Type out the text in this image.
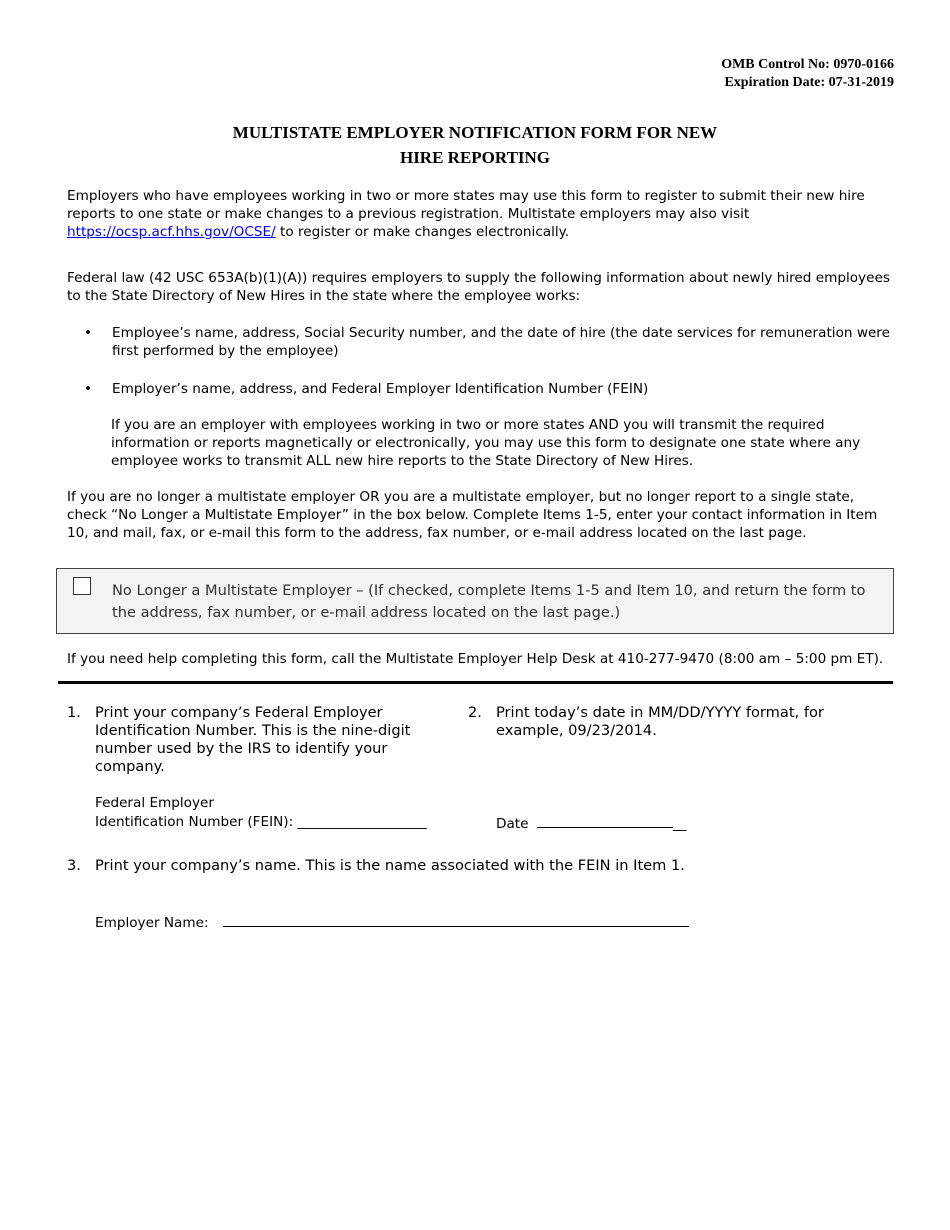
OMB Control No: 0970-0166
Expiration Date: 07-31-2019
MULTISTATE EMPLOYER NOTIFICATION FORM FOR NEW
HIRE REPORTING
Employers who have employees working in two or more states may use this form to register to submit their new hire reports to one state or make changes to a previous registration. Multistate employers may also visit https://ocsp.acf.hhs.gov/OCSE/ to register or make changes electronically.
Federal law (42 USC 653A(b)(1)(A)) requires employers to supply the following information about newly hired employees to the State Directory of New Hires in the state where the employee works:
• Employee’s name, address, Social Security number, and the date of hire (the date services for remuneration were first performed by the employee)
• Employer’s name, address, and Federal Employer Identification Number (FEIN)
If you are an employer with employees working in two or more states AND you will transmit the required information or reports magnetically or electronically, you may use this form to designate one state where any employee works to transmit ALL new hire reports to the State Directory of New Hires.
If you are no longer a multistate employer OR you are a multistate employer, but no longer report to a single state, check “No Longer a Multistate Employer” in the box below. Complete Items 1-5, enter your contact information in Item 10, and mail, fax, or e-mail this form to the address, fax number, or e-mail address located on the last page.
No Longer a Multistate Employer – (If checked, complete Items 1-5 and Item 10, and return the form to the address, fax number, or e-mail address located on the last page.)
If you need help completing this form, call the Multistate Employer Help Desk at 410-277-9470 (8:00 am – 5:00 pm ET).
1. Print your company’s Federal Employer Identification Number. This is the nine-digit number used by the IRS to identify your company.
Federal Employer
Identification Number (FEIN): ___________________
2. Print today’s date in MM/DD/YYYY format, for example, 09/23/2014.
Date	__
3. Print your company’s name. This is the name associated with the FEIN in Item 1.
Employer Name:
